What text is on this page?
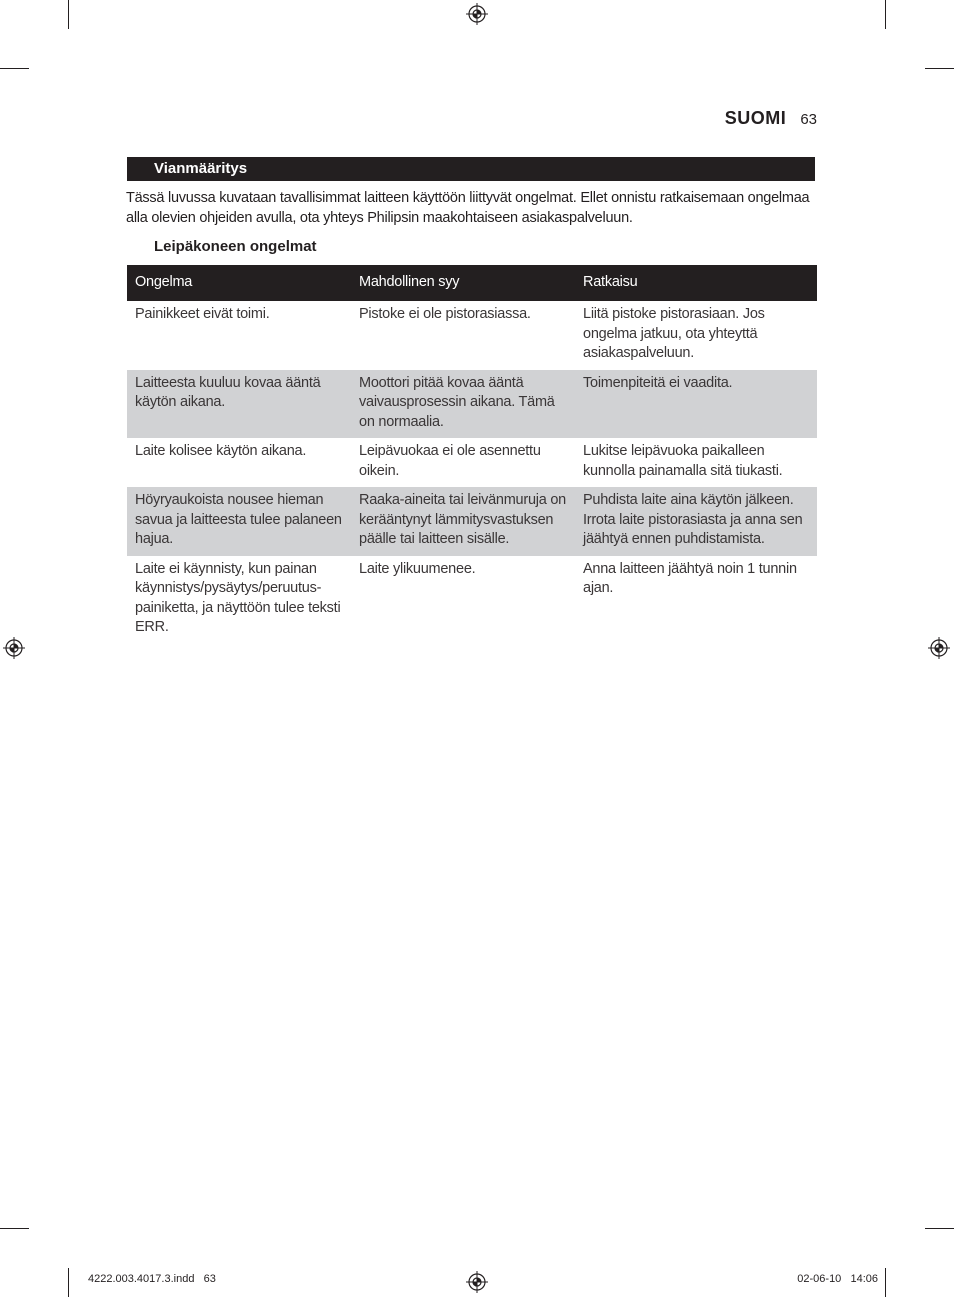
SUOMI 63
Vianmääritys
Tässä luvussa kuvataan tavallisimmat laitteen käyttöön liittyvät ongelmat. Ellet onnistu ratkaisemaan ongelmaa alla olevien ohjeiden avulla, ota yhteys Philipsin maakohtaiseen asiakaspalveluun.
Leipäkoneen ongelmat
Ongelma	Mahdollinen syy	Ratkaisu
Painikkeet eivät toimi.	Pistoke ei ole pistorasiassa.	Liitä pistoke pistorasiaan. Jos ongelma jatkuu, ota yhteyttä asiakaspalveluun.
Laitteesta kuuluu kovaa ääntä käytön aikana.	Moottori pitää kovaa ääntä vaivausprosessin aikana. Tämä on normaalia.	Toimenpiteitä ei vaadita.
Laite kolisee käytön aikana.	Leipävuokaa ei ole asennettu oikein.	Lukitse leipävuoka paikalleen kunnolla painamalla sitä tiukasti.
Höyryaukoista nousee hieman savua ja laitteesta tulee palaneen hajua.	Raaka-aineita tai leivänmuruja on kerääntynyt lämmitysvastuksen päälle tai laitteen sisälle.	Puhdista laite aina käytön jälkeen. Irrota laite pistorasiasta ja anna sen jäähtyä ennen puhdistamista.
Laite ei käynnisty, kun painan käynnistys/pysäytys/peruutus-painiketta, ja näyttöön tulee teksti ERR.	Laite ylikuumenee.	Anna laitteen jäähtyä noin 1 tunnin ajan.
4222.003.4017.3.indd   63	02-06-10   14:06
